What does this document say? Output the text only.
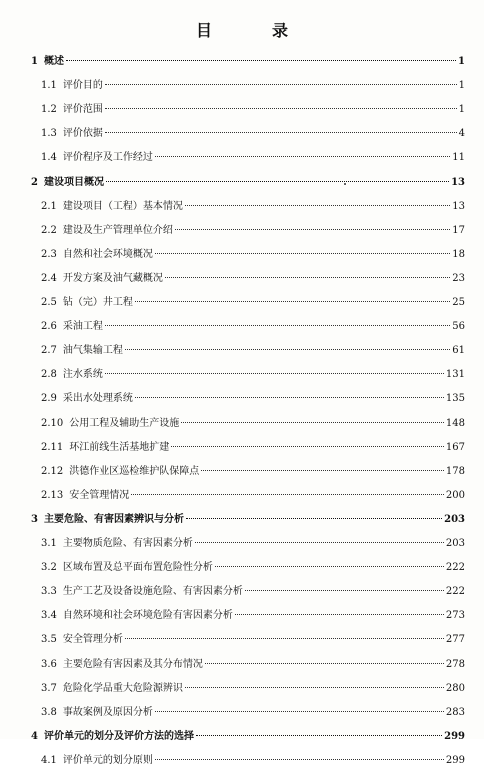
目　录
1 概述	1
1.1 评价目的	1
1.2 评价范围	1
1.3 评价依据	4
1.4 评价程序及工作经过	11
2 建设项目概况	13
2.1 建设项目（工程）基本情况	13
2.2 建设及生产管理单位介绍	17
2.3 自然和社会环境概况	18
2.4 开发方案及油气藏概况	23
2.5 钻（完）井工程	25
2.6 采油工程	56
2.7 油气集输工程	61
2.8 注水系统	131
2.9 采出水处理系统	135
2.10 公用工程及辅助生产设施	148
2.11 环江前线生活基地扩建	167
2.12 洪德作业区巡检维护队保障点	178
2.13 安全管理情况	200
3 主要危险、有害因素辨识与分析	203
3.1 主要物质危险、有害因素分析	203
3.2 区域布置及总平面布置危险性分析	222
3.3 生产工艺及设备设施危险、有害因素分析	222
3.4 自然环境和社会环境危险有害因素分析	273
3.5 安全管理分析	277
3.6 主要危险有害因素及其分布情况	278
3.7 危险化学品重大危险源辨识	280
3.8 事故案例及原因分析	283
4 评价单元的划分及评价方法的选择	299
4.1 评价单元的划分原则	299
